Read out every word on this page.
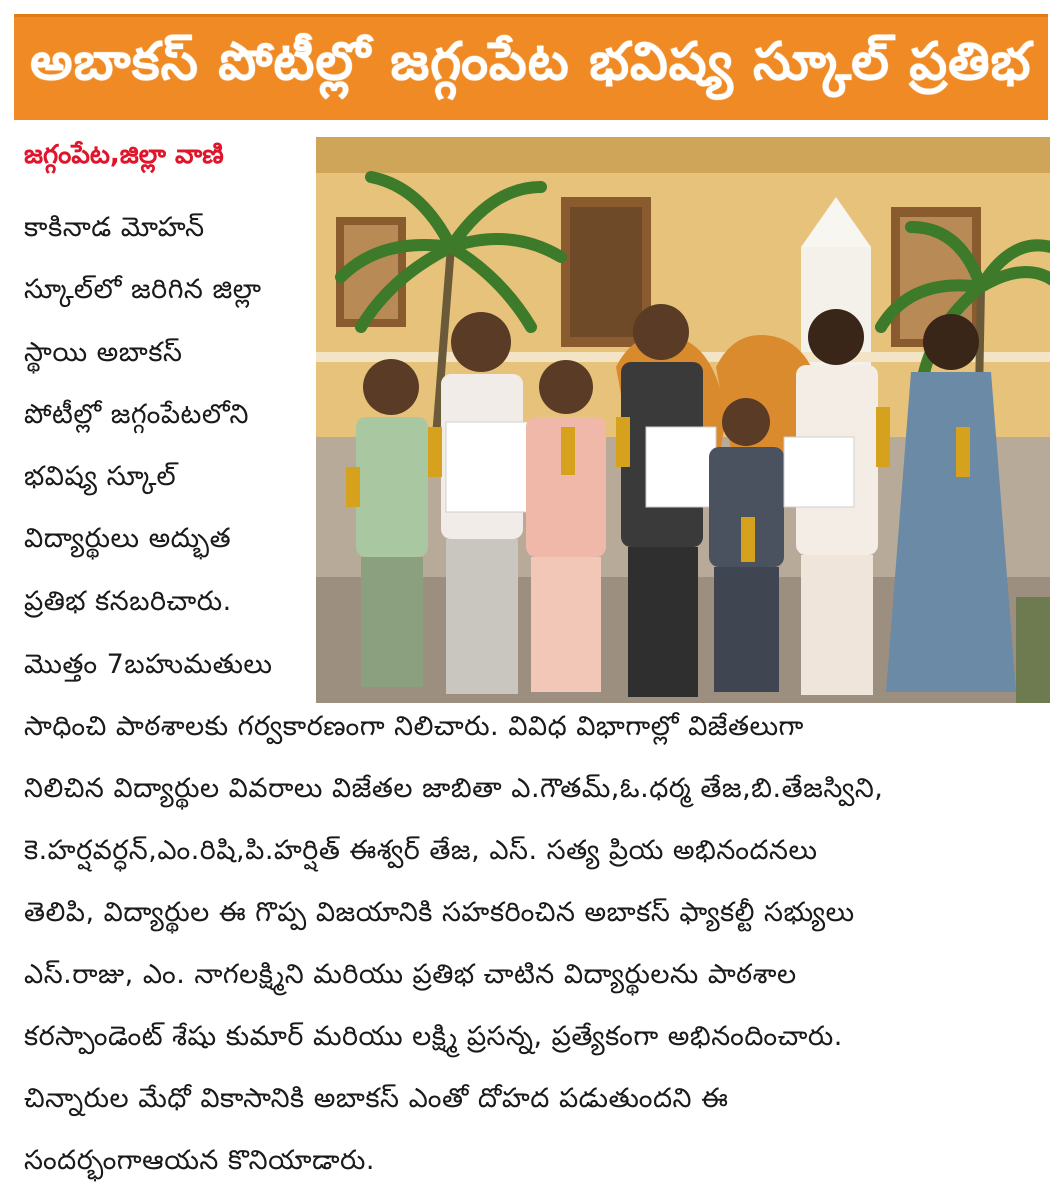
అబాకస్ పోటీల్లో జగ్గంపేట భవిష్య స్కూల్ ప్రతిభ
జగ్గంపేట,జిల్లా వాణి
కాకినాడ మోహన్
స్కూల్‌లో జరిగిన జిల్లా
స్థాయి అబాకస్
పోటీల్లో జగ్గంపేటలోని
భవిష్య స్కూల్
విద్యార్థులు అద్భుత
ప్రతిభ కనబరిచారు.
మొత్తం 7బహుమతులు
సాధించి పాఠశాలకు గర్వకారణంగా నిలిచారు. వివిధ విభాగాల్లో విజేతలుగా
నిలిచిన విద్యార్థుల వివరాలు విజేతల జాబితా ఎ.గౌతమ్,ఓ.ధర్మ తేజ,బి.తేజస్విని,
కె.హర్షవర్ధన్,ఎం.రిషి,పి.హర్షిత్ ఈశ్వర్ తేజ, ఎస్. సత్య ప్రియ అభినందనలు
తెలిపి, విద్యార్థుల ఈ గొప్ప విజయానికి సహకరించిన అబాకస్ ఫ్యాకల్టీ సభ్యులు
ఎస్.రాజు, ఎం. నాగలక్ష్మిని మరియు ప్రతిభ చాటిన విద్యార్థులను పాఠశాల
కరస్పాండెంట్ శేషు కుమార్ మరియు లక్ష్మి ప్రసన్న, ప్రత్యేకంగా అభినందించారు.
చిన్నారుల మేధో వికాసానికి అబాకస్ ఎంతో దోహద పడుతుందని ఈ
సందర్భంగాఆయన కొనియాడారు.
